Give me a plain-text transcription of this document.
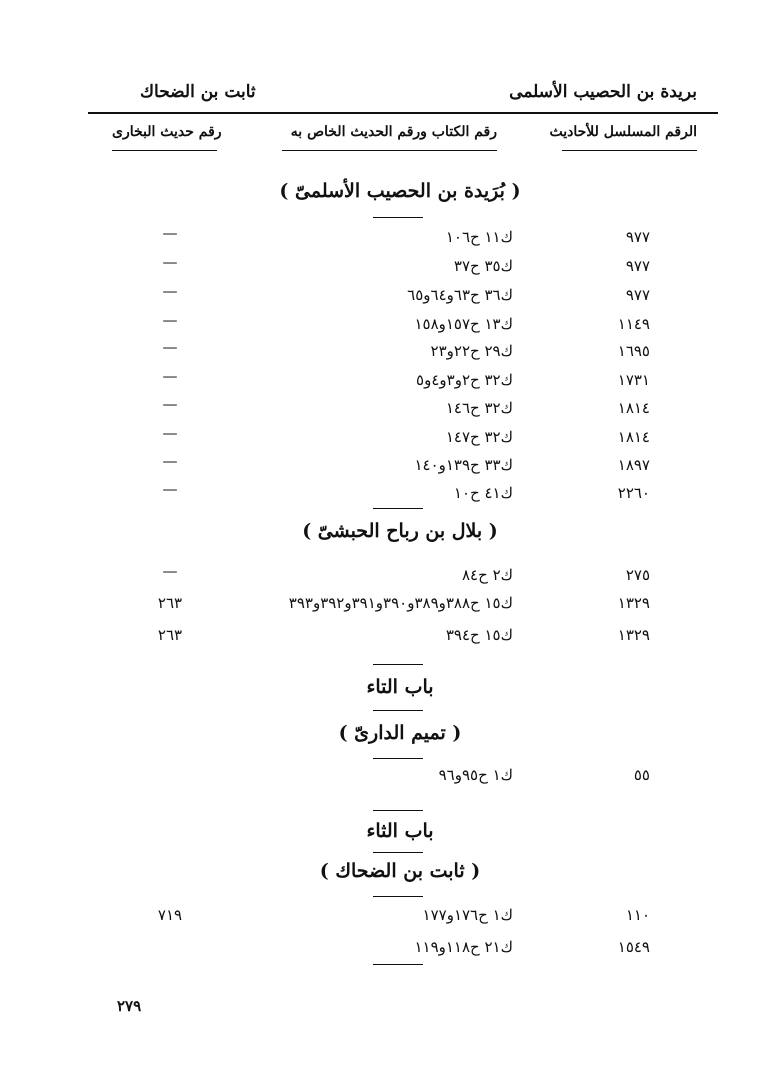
بريدة بن الحصيب الأسلمى
ثابت بن الضحاك
الرقم المسلسل للأحاديث
رقم الكتاب ورقم الحديث الخاص به
رقم حديث البخارى
( بُرَيدة بن الحصيب الأسلمىّ )
٩٧٧
ك١١ ح١٠٦
—
٩٧٧
ك٣٥ ح٣٧
—
٩٧٧
ك٣٦ ح٦٣و٦٤و٦٥
—
١١٤٩
ك١٣ ح١٥٧و١٥٨
—
١٦٩٥
ك٢٩ ح٢٢و٢٣
—
١٧٣١
ك٣٢ ح٢و٣و٤و٥
—
١٨١٤
ك٣٢ ح١٤٦
—
١٨١٤
ك٣٢ ح١٤٧
—
١٨٩٧
ك٣٣ ح١٣٩و١٤٠
—
٢٢٦٠
ك٤١ ح١٠
—
( بلال بن رباح الحبشىّ )
٢٧٥
ك٢ ح٨٤
—
١٣٢٩
ك١٥ ح٣٨٨و٣٨٩و٣٩٠و٣٩١و٣٩٢و٣٩٣
٢٦٣
١٣٢٩
ك١٥ ح٣٩٤
٢٦٣
باب التاء
( تميم الدارىّ )
٥٥
ك١ ح٩٥و٩٦
باب الثاء
( ثابت بن الضحاك )
١١٠
ك١ ح١٧٦و١٧٧
٧١٩
١٥٤٩
ك٢١ ح١١٨و١١٩
٢٧٩
